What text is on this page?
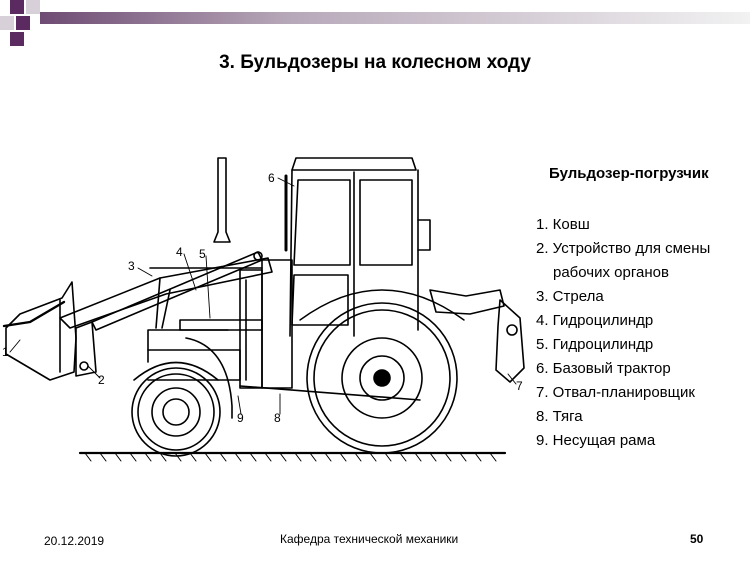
3. Бульдозеры на колесном ходу
1
2
3
4 5
6
7
8
9
Бульдозер-погрузчик
1. Ковш
2. Устройство для смены
рабочих органов
3. Стрела
4. Гидроцилиндр
5. Гидроцилиндр
6. Базовый трактор
7. Отвал-планировщик
8. Тяга
9. Несущая рама
20.12.2019	Кафедра технической механики	50
